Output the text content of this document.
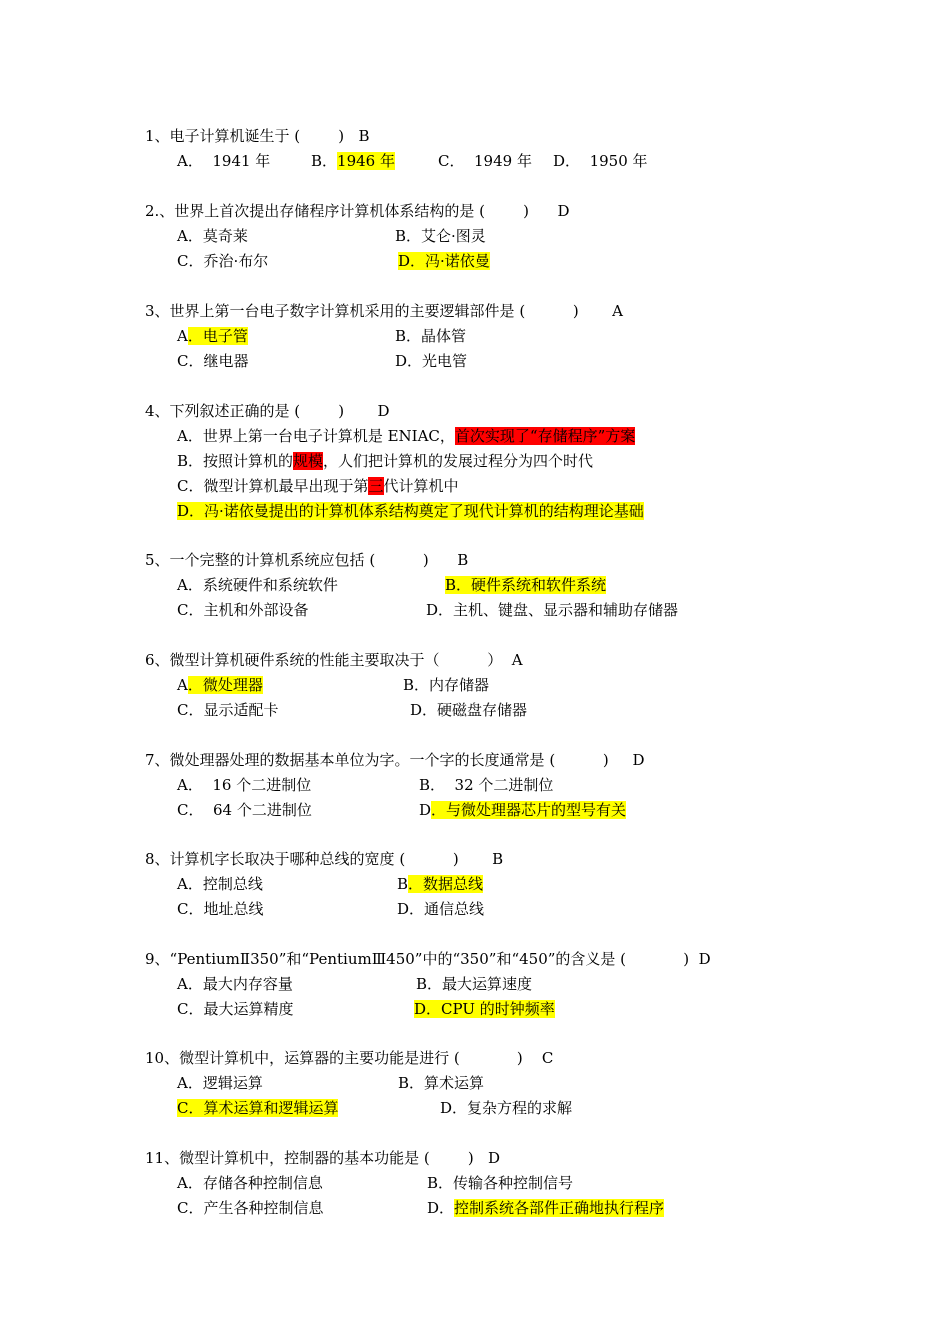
1、电子计算机诞生于 (        )   B
A．  1941 年	B．1946 年	C．  1949 年 D．  1950 年
2.、世界上首次提出存储程序计算机体系结构的是 (        )      D
A．莫奇莱	B．艾仑·图灵
C．乔治·布尔	D．冯·诺依曼
3、世界上第一台电子数字计算机采用的主要逻辑部件是 (          )       A
A．电子管	B．晶体管
C．继电器	D．光电管
4、下列叙述正确的是 (        )       D
A．世界上第一台电子计算机是 ENIAC，首次实现了“存储程序”方案
B．按照计算机的规模，人们把计算机的发展过程分为四个时代
C．微型计算机最早出现于第三代计算机中
D．冯·诺依曼提出的计算机体系结构奠定了现代计算机的结构理论基础
5、一个完整的计算机系统应包括 (          )      B
A．系统硬件和系统软件	B．硬件系统和软件系统
C．主机和外部设备	D．主机、键盘、显示器和辅助存储器
6、微型计算机硬件系统的性能主要取决于（          ）  A
A．微处理器	B．内存储器
C．显示适配卡	D．硬磁盘存储器
7、微处理器处理的数据基本单位为字。一个字的长度通常是 (          )     D
A．  16 个二进制位	B．  32 个二进制位
C．  64 个二进制位	D．与微处理器芯片的型号有关
8、计算机字长取决于哪种总线的宽度 (          )       B
A．控制总线	B．数据总线
C．地址总线	D．通信总线
9、“PentiumⅡ350”和“PentiumⅢ450”中的“350”和“450”的含义是 (            )  D
A．最大内存容量	B．最大运算速度
C．最大运算精度	D．CPU 的时钟频率
10、微型计算机中，运算器的主要功能是进行 (            )    C
A．逻辑运算	B．算术运算
C．算术运算和逻辑运算	D．复杂方程的求解
11、微型计算机中，控制器的基本功能是 (        )   D
A．存储各种控制信息	B．传输各种控制信号
C．产生各种控制信息	D．控制系统各部件正确地执行程序
